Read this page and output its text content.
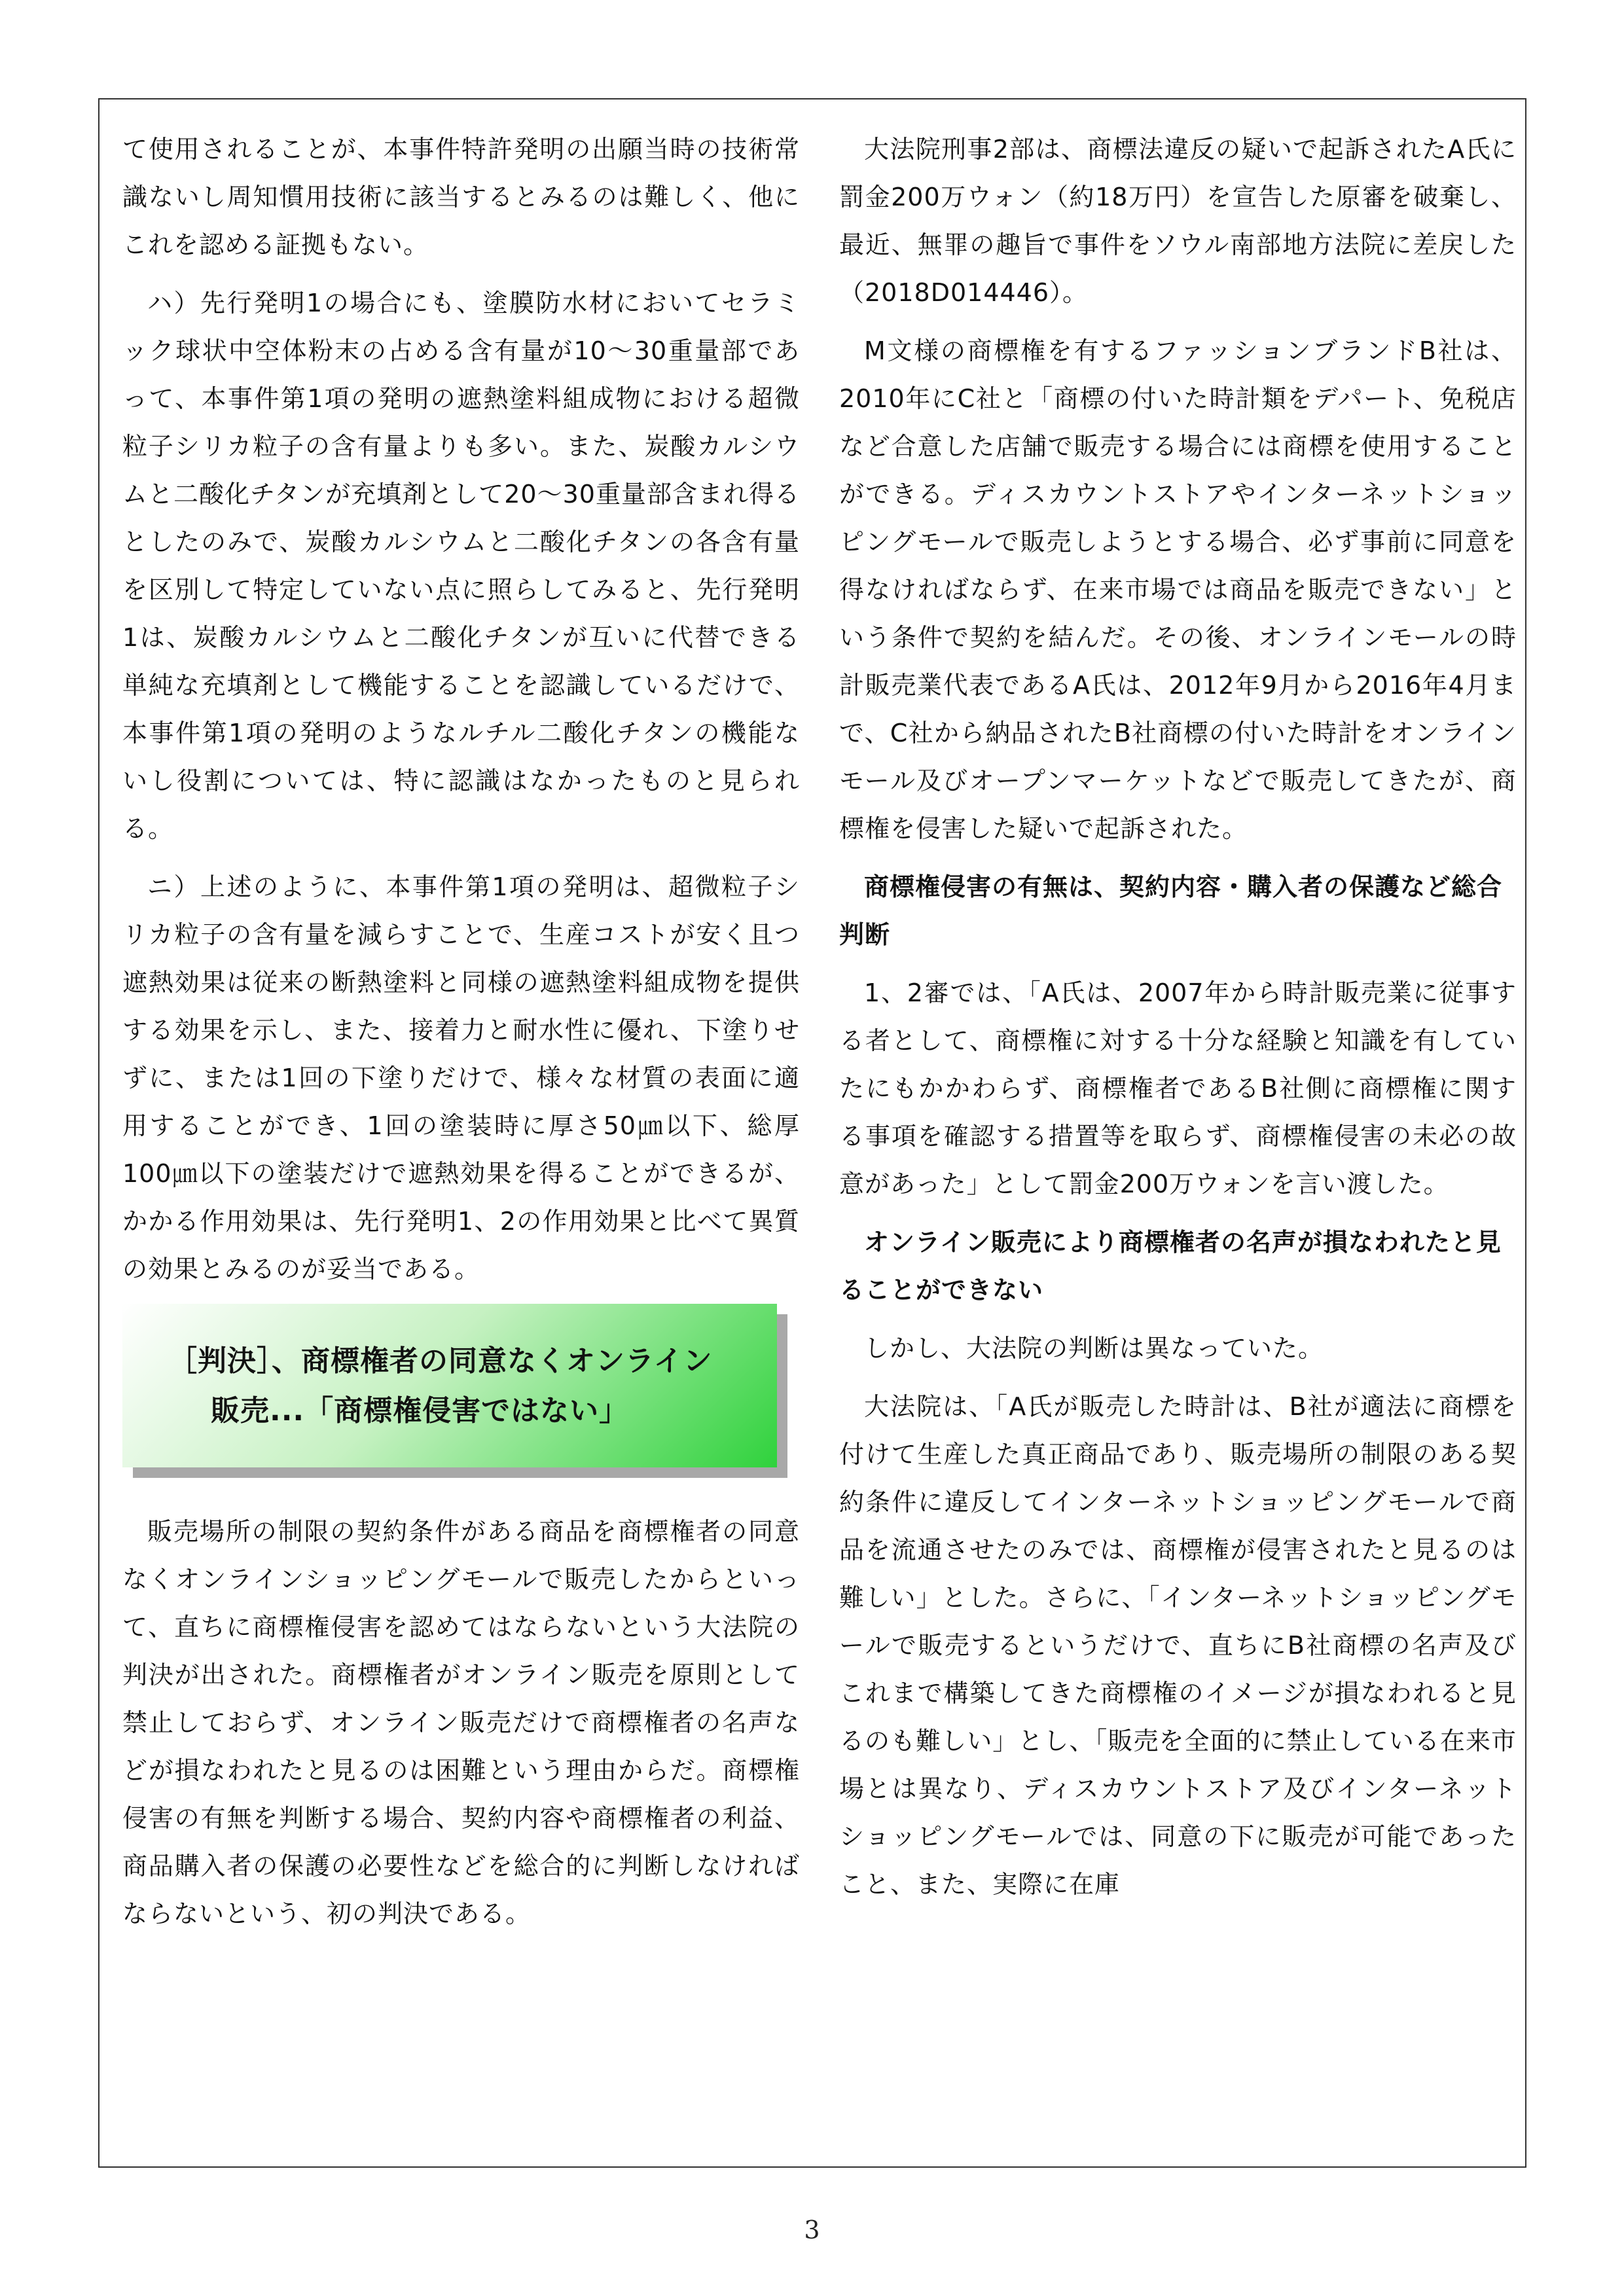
て使用されることが、本事件特許発明の出願当時の技術常識ないし周知慣用技術に該当するとみるのは難しく、他にこれを認める証拠もない。

ハ）先行発明1の場合にも、塗膜防水材においてセラミック球状中空体粉末の占める含有量が10～30重量部であって、本事件第1項の発明の遮熱塗料組成物における超微粒子シリカ粒子の含有量よりも多い。また、炭酸カルシウムと二酸化チタンが充填剤として20～30重量部含まれ得るとしたのみで、炭酸カルシウムと二酸化チタンの各含有量を区別して特定していない点に照らしてみると、先行発明1は、炭酸カルシウムと二酸化チタンが互いに代替できる単純な充填剤として機能することを認識しているだけで、本事件第1項の発明のようなルチル二酸化チタンの機能ないし役割については、特に認識はなかったものと見られる。

ニ）上述のように、本事件第1項の発明は、超微粒子シリカ粒子の含有量を減らすことで、生産コストが安く且つ遮熱効果は従来の断熱塗料と同様の遮熱塗料組成物を提供する効果を示し、また、接着力と耐水性に優れ、下塗りせずに、または1回の下塗りだけで、様々な材質の表面に適用することができ、1回の塗装時に厚さ50㎛以下、総厚100㎛以下の塗装だけで遮熱効果を得ることができるが、かかる作用効果は、先行発明1、2の作用効果と比べて異質の効果とみるのが妥当である。

［判決］、商標権者の同意なくオンライン
販売...「商標権侵害ではない」

販売場所の制限の契約条件がある商品を商標権者の同意なくオンラインショッピングモールで販売したからといって、直ちに商標権侵害を認めてはならないという大法院の判決が出された。商標権者がオンライン販売を原則として禁止しておらず、オンライン販売だけで商標権者の名声などが損なわれたと見るのは困難という理由からだ。商標権侵害の有無を判断する場合、契約内容や商標権者の利益、商品購入者の保護の必要性などを総合的に判断しなければならないという、初の判決である。

大法院刑事2部は、商標法違反の疑いで起訴されたA氏に罰金200万ウォン（約18万円）を宣告した原審を破棄し、最近、無罪の趣旨で事件をソウル南部地方法院に差戻した（2018D014446）。

M文様の商標権を有するファッションブランドB社は、2010年にC社と「商標の付いた時計類をデパート、免税店など合意した店舗で販売する場合には商標を使用することができる。ディスカウントストアやインターネットショッピングモールで販売しようとする場合、必ず事前に同意を得なければならず、在来市場では商品を販売できない」という条件で契約を結んだ。その後、オンラインモールの時計販売業代表であるA氏は、2012年9月から2016年4月まで、C社から納品されたB社商標の付いた時計をオンラインモール及びオープンマーケットなどで販売してきたが、商標権を侵害した疑いで起訴された。

商標権侵害の有無は、契約内容・購入者の保護など総合判断

1、2審では、「A氏は、2007年から時計販売業に従事する者として、商標権に対する十分な経験と知識を有していたにもかかわらず、商標権者であるB社側に商標権に関する事項を確認する措置等を取らず、商標権侵害の未必の故意があった」として罰金200万ウォンを言い渡した。

オンライン販売により商標権者の名声が損なわれたと見ることができない

しかし、大法院の判断は異なっていた。

大法院は、「A氏が販売した時計は、B社が適法に商標を付けて生産した真正商品であり、販売場所の制限のある契約条件に違反してインターネットショッピングモールで商品を流通させたのみでは、商標権が侵害されたと見るのは難しい」とした。さらに、「インターネットショッピングモールで販売するというだけで、直ちにB社商標の名声及びこれまで構築してきた商標権のイメージが損なわれると見るのも難しい」とし、「販売を全面的に禁止している在来市場とは異なり、ディスカウントストア及びインターネットショッピングモールでは、同意の下に販売が可能であったこと、また、実際に在庫

3
